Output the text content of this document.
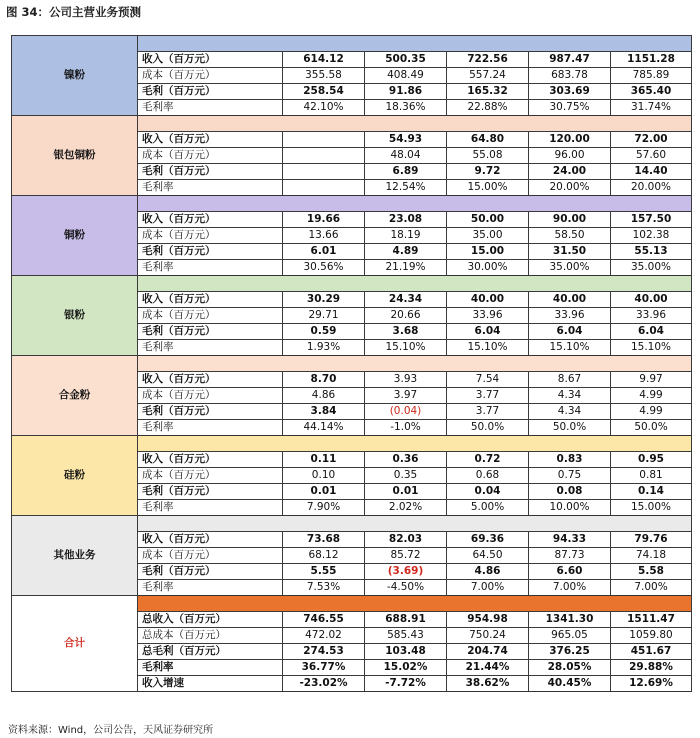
图 34：公司主营业务预测
镍粉						
	收入（百万元）	614.12	500.35	722.56	987.47	1151.28
	成本（百万元）	355.58	408.49	557.24	683.78	785.89
	毛利（百万元）	258.54	91.86	165.32	303.69	365.40
	毛利率	42.10%	18.36%	22.88%	30.75%	31.74%
银包铜粉						
	收入（百万元）		54.93	64.80	120.00	72.00
	成本（百万元）		48.04	55.08	96.00	57.60
	毛利（百万元）		6.89	9.72	24.00	14.40
	毛利率		12.54%	15.00%	20.00%	20.00%
铜粉						
	收入（百万元）	19.66	23.08	50.00	90.00	157.50
	成本（百万元）	13.66	18.19	35.00	58.50	102.38
	毛利（百万元）	6.01	4.89	15.00	31.50	55.13
	毛利率	30.56%	21.19%	30.00%	35.00%	35.00%
银粉						
	收入（百万元）	30.29	24.34	40.00	40.00	40.00
	成本（百万元）	29.71	20.66	33.96	33.96	33.96
	毛利（百万元）	0.59	3.68	6.04	6.04	6.04
	毛利率	1.93%	15.10%	15.10%	15.10%	15.10%
合金粉						
	收入（百万元）	8.70	3.93	7.54	8.67	9.97
	成本（百万元）	4.86	3.97	3.77	4.34	4.99
	毛利（百万元）	3.84	(0.04)	3.77	4.34	4.99
	毛利率	44.14%	-1.0%	50.0%	50.0%	50.0%
硅粉						
	收入（百万元）	0.11	0.36	0.72	0.83	0.95
	成本（百万元）	0.10	0.35	0.68	0.75	0.81
	毛利（百万元）	0.01	0.01	0.04	0.08	0.14
	毛利率	7.90%	2.02%	5.00%	10.00%	15.00%
其他业务						
	收入（百万元）	73.68	82.03	69.36	94.33	79.76
	成本（百万元）	68.12	85.72	64.50	87.73	74.18
	毛利（百万元）	5.55	(3.69)	4.86	6.60	5.58
	毛利率	7.53%	-4.50%	7.00%	7.00%	7.00%
合计						
	总收入（百万元）	746.55	688.91	954.98	1341.30	1511.47
	总成本（百万元）	472.02	585.43	750.24	965.05	1059.80
	总毛利（百万元）	274.53	103.48	204.74	376.25	451.67
	毛利率	36.77%	15.02%	21.44%	28.05%	29.88%
	收入增速	-23.02%	-7.72%	38.62%	40.45%	12.69%
资料来源：Wind，公司公告，天风证券研究所
